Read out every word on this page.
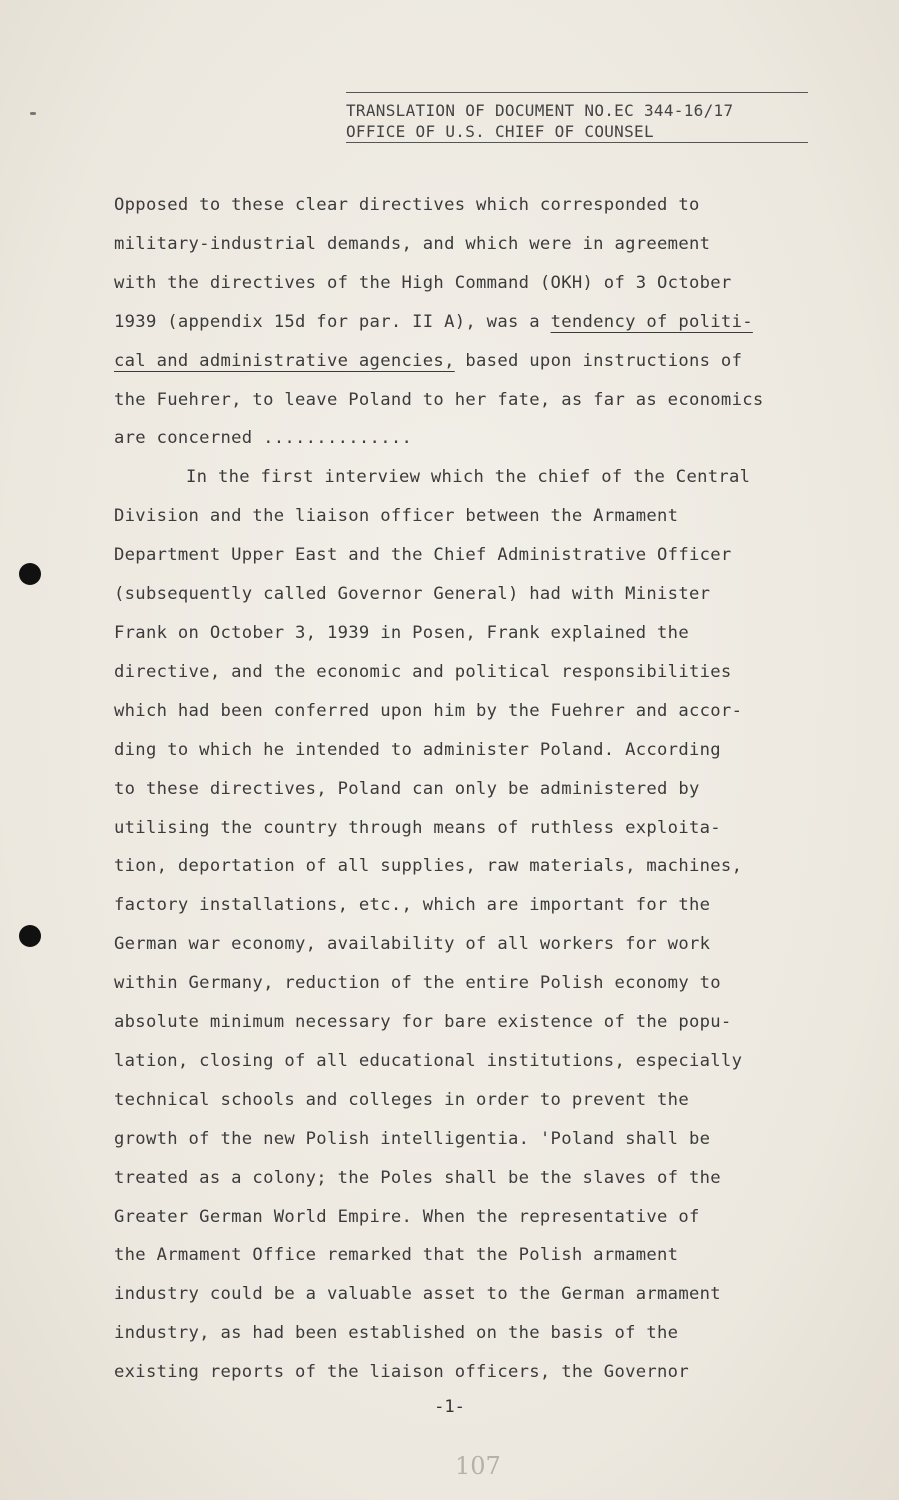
TRANSLATION OF DOCUMENT NO.EC 344-16/17
OFFICE OF U.S. CHIEF OF COUNSEL
Opposed to these clear directives which corresponded to
military-industrial demands, and which were in agreement
with the directives of the High Command (OKH) of 3 October
1939 (appendix 15d for par. II A), was a tendency of politi-
cal and administrative agencies, based upon instructions of
the Fuehrer, to leave Poland to her fate, as far as economics
are concerned ..............
In the first interview which the chief of the Central
Division and the liaison officer between the Armament
Department Upper East and the Chief Administrative Officer
(subsequently called Governor General) had with Minister
Frank on October 3, 1939 in Posen, Frank explained the
directive, and the economic and political responsibilities
which had been conferred upon him by the Fuehrer and accor-
ding to which he intended to administer Poland. According
to these directives, Poland can only be administered by
utilising the country through means of ruthless exploita-
tion, deportation of all supplies, raw materials, machines,
factory installations, etc., which are important for the
German war economy, availability of all workers for work
within Germany, reduction of the entire Polish economy to
absolute minimum necessary for bare existence of the popu-
lation, closing of all educational institutions, especially
technical schools and colleges in order to prevent the
growth of the new Polish intelligentia. 'Poland shall be
treated as a colony; the Poles shall be the slaves of the
Greater German World Empire. When the representative of
the Armament Office remarked that the Polish armament
industry could be a valuable asset to the German armament
industry, as had been established on the basis of the
existing reports of the liaison officers, the Governor
-1-
107
